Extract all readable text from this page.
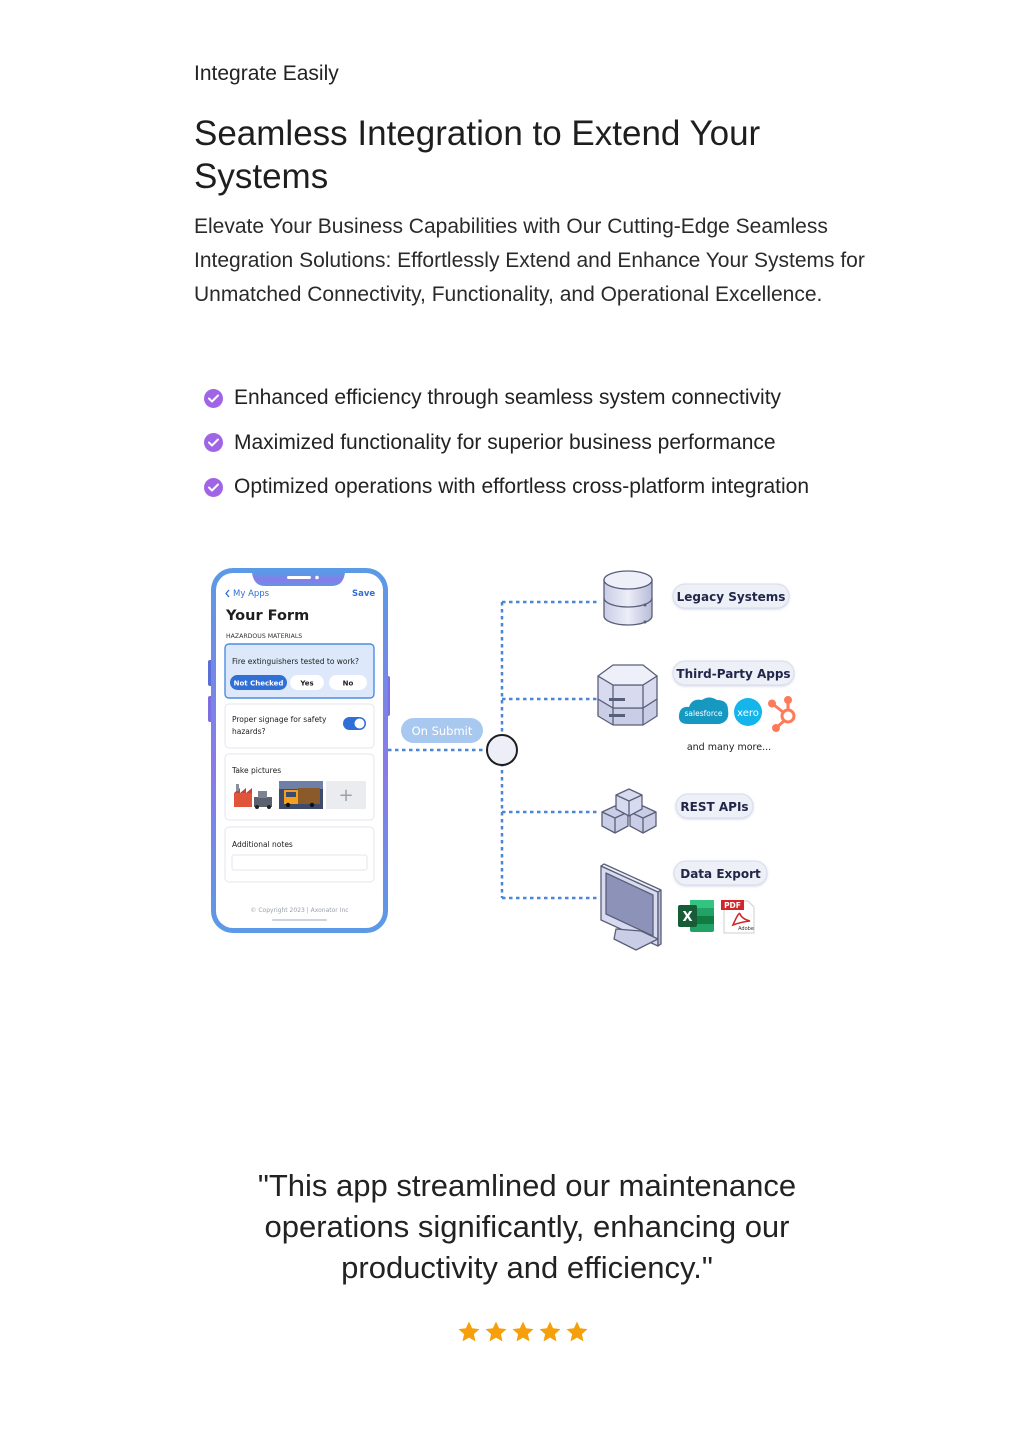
Integrate Easily
Seamless Integration to Extend Your Systems

Elevate Your Business Capabilities with Our Cutting-Edge Seamless Integration Solutions: Effortlessly Extend and Enhance Your Systems for Unmatched Connectivity, Functionality, and Operational Excellence.

Enhanced efficiency through seamless system connectivity
Maximized functionality for superior business performance
Optimized operations with effortless cross-platform integration
My Apps	Save
Your Form
HAZARDOUS MATERIALS
Fire extinguishers tested to work?
Not Checked Yes	No
Proper signage for safety
hazards?
Take pictures
+
Additional notes
© Copyright 2023 | Axonator Inc
On Submit
Legacy Systems
Third-Party Apps
salesforce xero
and many more...
REST APIs
Data Export
X
PDF
Adobe
"This app streamlined our maintenance operations significantly, enhancing our productivity and efficiency."
